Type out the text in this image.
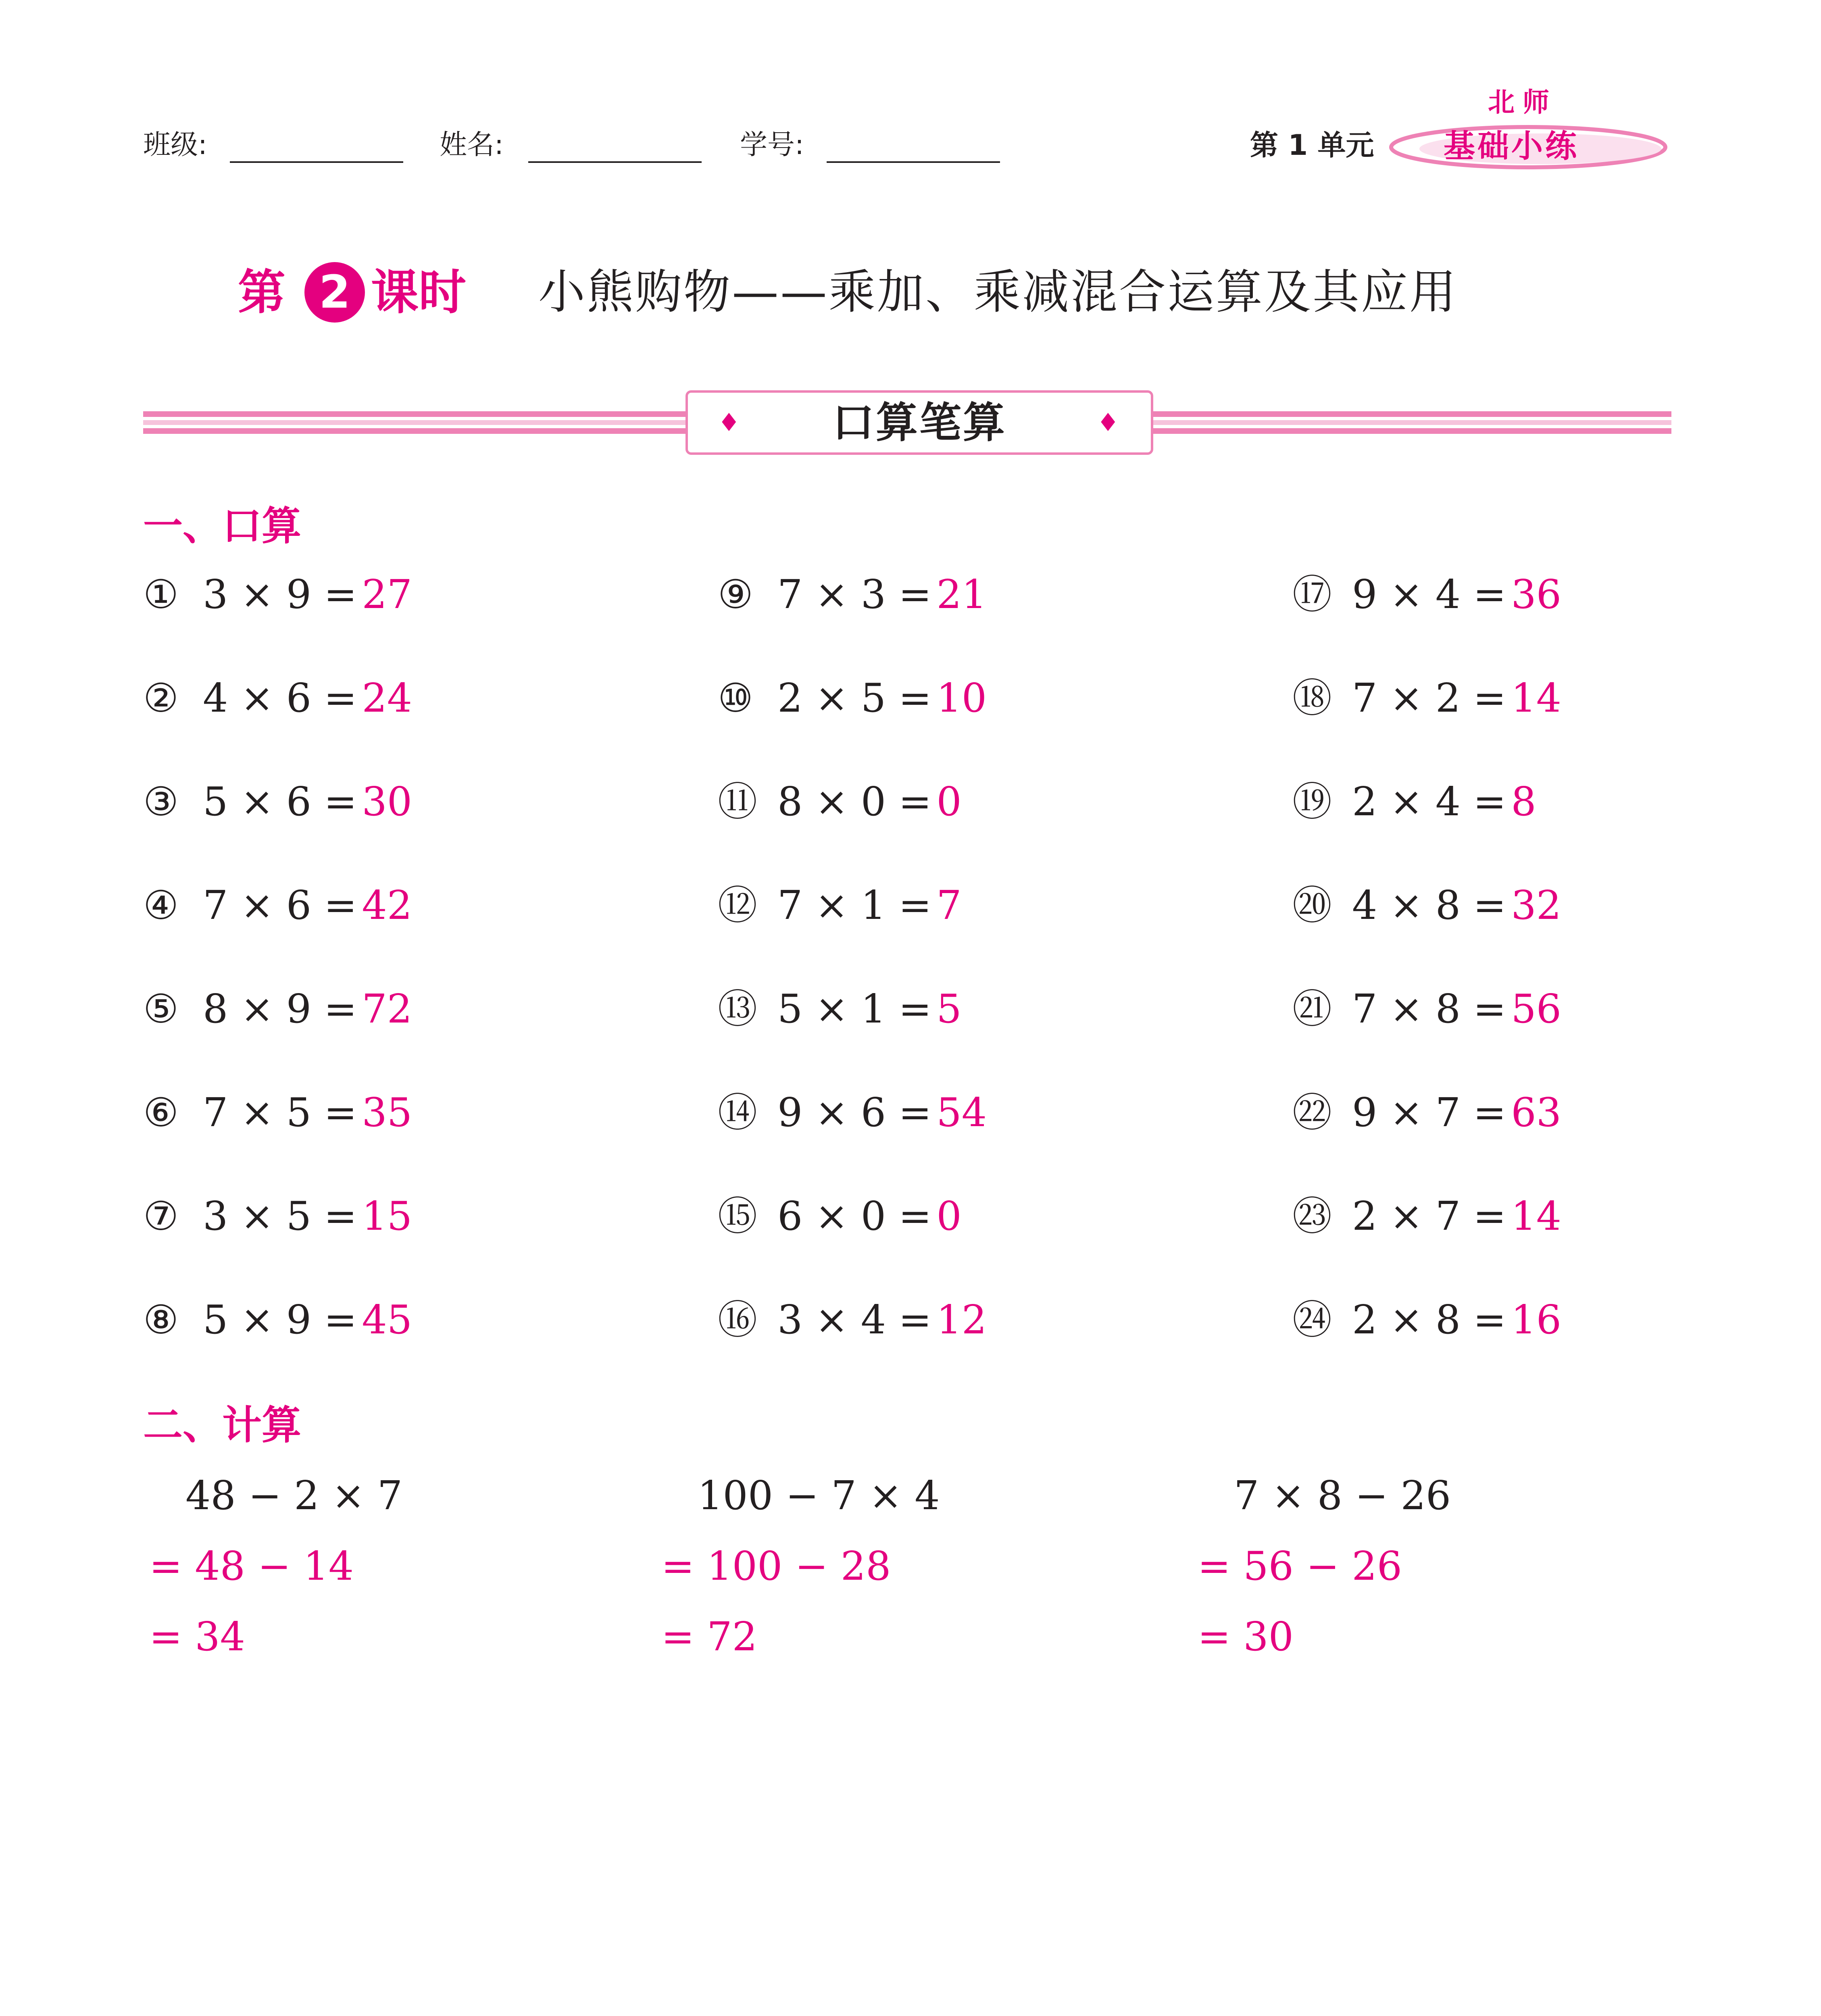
班级:	姓名:	学号:	第 1 单元
北师
基础小练
第 2 课时 小熊购物——乘加、乘减混合运算及其应用
♦	♦
口算笔算
一、口算
① 3 × 9 = 27
② 4 × 6 = 24
③ 5 × 6 = 30
④ 7 × 6 = 42
⑤ 8 × 9 = 72
⑥ 7 × 5 = 35
⑦ 3 × 5 = 15
⑧ 5 × 9 = 45
⑨ 7 × 3 = 21
⑩ 2 × 5 = 10
⑪ 8 × 0 = 0
⑫ 7 × 1 = 7
⑬ 5 × 1 = 5
⑭ 9 × 6 = 54
⑮ 6 × 0 = 0
⑯ 3 × 4 = 12
⑰ 9 × 4 = 36
⑱ 7 × 2 = 14
⑲ 2 × 4 = 8
⑳ 4 × 8 = 32
㉑ 7 × 8 = 56
㉒ 9 × 7 = 63
㉓ 2 × 7 = 14
㉔ 2 × 8 = 16
二、计算
48 − 2 × 7
= 48 − 14
= 34
100 − 7 × 4
= 100 − 28
= 72
7 × 8 − 26
= 56 − 26
= 30
